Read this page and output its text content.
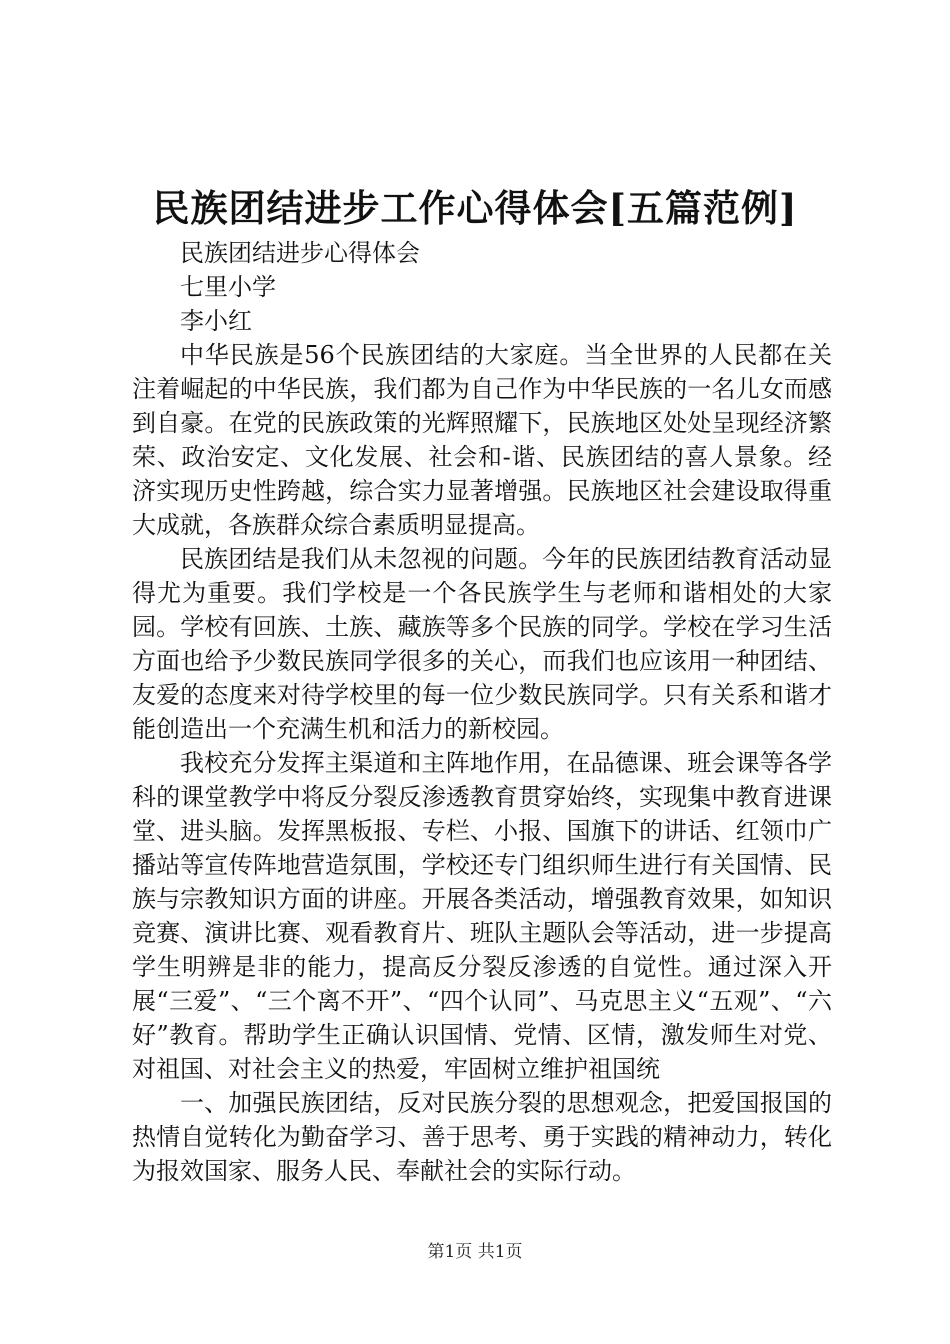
民族团结进步工作心得体会[五篇范例]

民族团结进步心得体会

七里小学

李小红

中华民族是56个民族团结的大家庭。当全世界的人民都在关注着崛起的中华民族，我们都为自己作为中华民族的一名儿女而感到自豪。在党的民族政策的光辉照耀下，民族地区处处呈现经济繁荣、政治安定、文化发展、社会和-谐、民族团结的喜人景象。经济实现历史性跨越，综合实力显著增强。民族地区社会建设取得重大成就，各族群众综合素质明显提高。

民族团结是我们从未忽视的问题。今年的民族团结教育活动显得尤为重要。我们学校是一个各民族学生与老师和谐相处的大家园。学校有回族、土族、藏族等多个民族的同学。学校在学习生活方面也给予少数民族同学很多的关心，而我们也应该用一种团结、友爱的态度来对待学校里的每一位少数民族同学。只有关系和谐才能创造出一个充满生机和活力的新校园。

我校充分发挥主渠道和主阵地作用，在品德课、班会课等各学科的课堂教学中将反分裂反渗透教育贯穿始终，实现集中教育进课堂、进头脑。发挥黑板报、专栏、小报、国旗下的讲话、红领巾广播站等宣传阵地营造氛围，学校还专门组织师生进行有关国情、民族与宗教知识方面的讲座。开展各类活动，增强教育效果，如知识竞赛、演讲比赛、观看教育片、班队主题队会等活动，进一步提高学生明辨是非的能力，提高反分裂反渗透的自觉性。通过深入开展“三爱”、“三个离不开”、“四个认同”、马克思主义“五观”、“六好”教育。帮助学生正确认识国情、党情、区情，激发师生对党、对祖国、对社会主义的热爱，牢固树立维护祖国统

一、加强民族团结，反对民族分裂的思想观念，把爱国报国的热情自觉转化为勤奋学习、善于思考、勇于实践的精神动力，转化为报效国家、服务人民、奉献社会的实际行动。

第1页 共1页
